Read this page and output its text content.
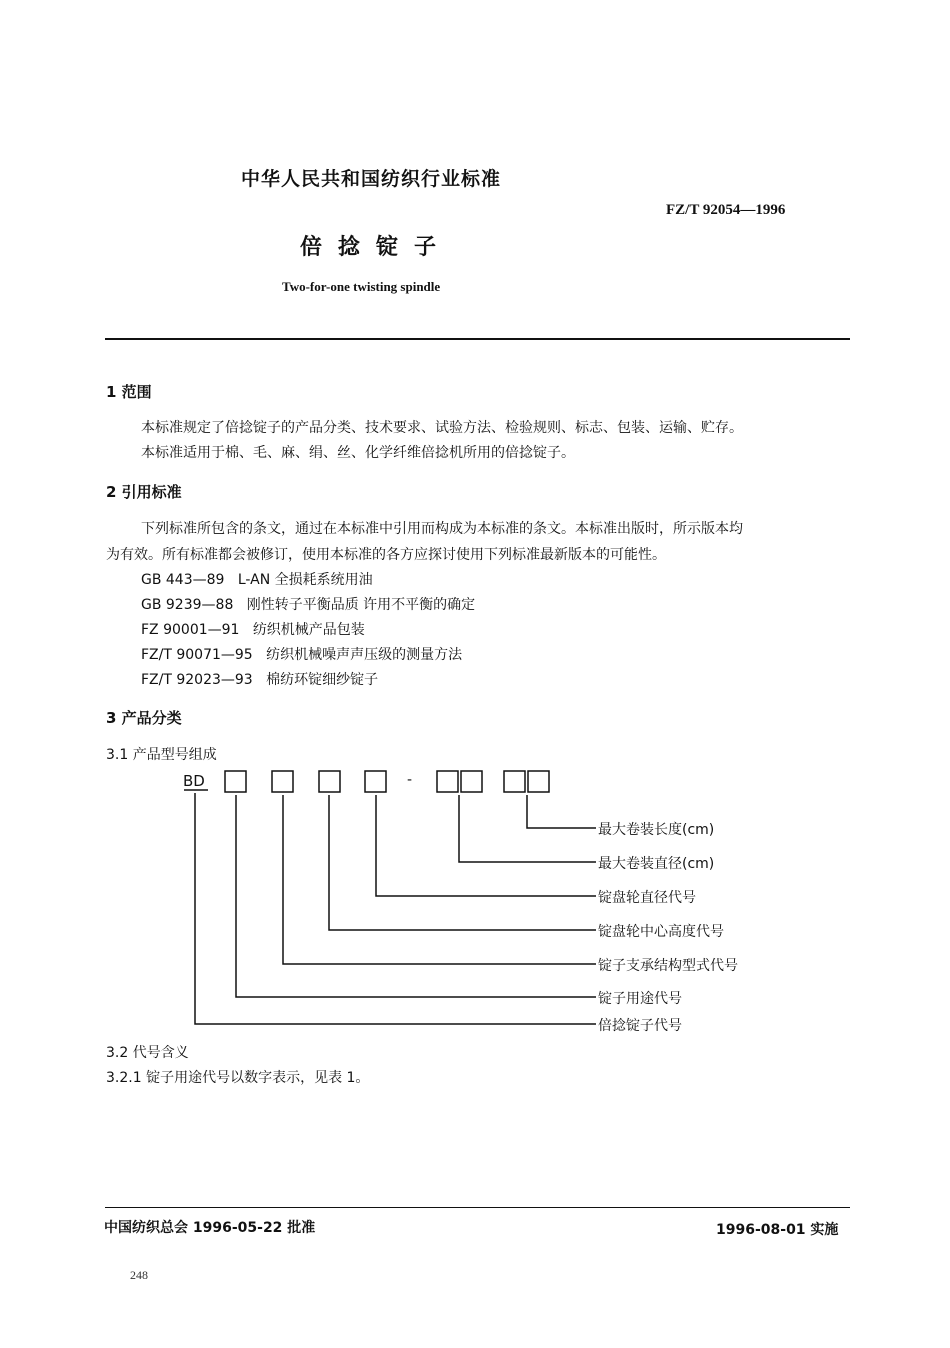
中华人民共和国纺织行业标准
FZ/T 92054—1996
倍捻锭子
Two-for-one twisting spindle
1 范围
本标准规定了倍捻锭子的产品分类、技术要求、试验方法、检验规则、标志、包装、运输、贮存。
本标准适用于棉、毛、麻、绢、丝、化学纤维倍捻机所用的倍捻锭子。
2 引用标准
下列标准所包含的条文，通过在本标准中引用而构成为本标准的条文。本标准出版时，所示版本均
为有效。所有标准都会被修订，使用本标准的各方应探讨使用下列标准最新版本的可能性。
GB 443—89 L-AN 全损耗系统用油
GB 9239—88 刚性转子平衡品质 许用不平衡的确定
FZ 90001—91 纺织机械产品包装
FZ/T 90071—95 纺织机械噪声声压级的测量方法
FZ/T 92023—93 棉纺环锭细纱锭子
3 产品分类
3.1 产品型号组成
BD	-
最大卷装长度(cm)
最大卷装直径(cm)
锭盘轮直径代号
锭盘轮中心高度代号
锭子支承结构型式代号
锭子用途代号
倍捻锭子代号
3.2 代号含义
3.2.1 锭子用途代号以数字表示，见表 1。
中国纺织总会 1996-05-22 批准	1996-08-01 实施
248
